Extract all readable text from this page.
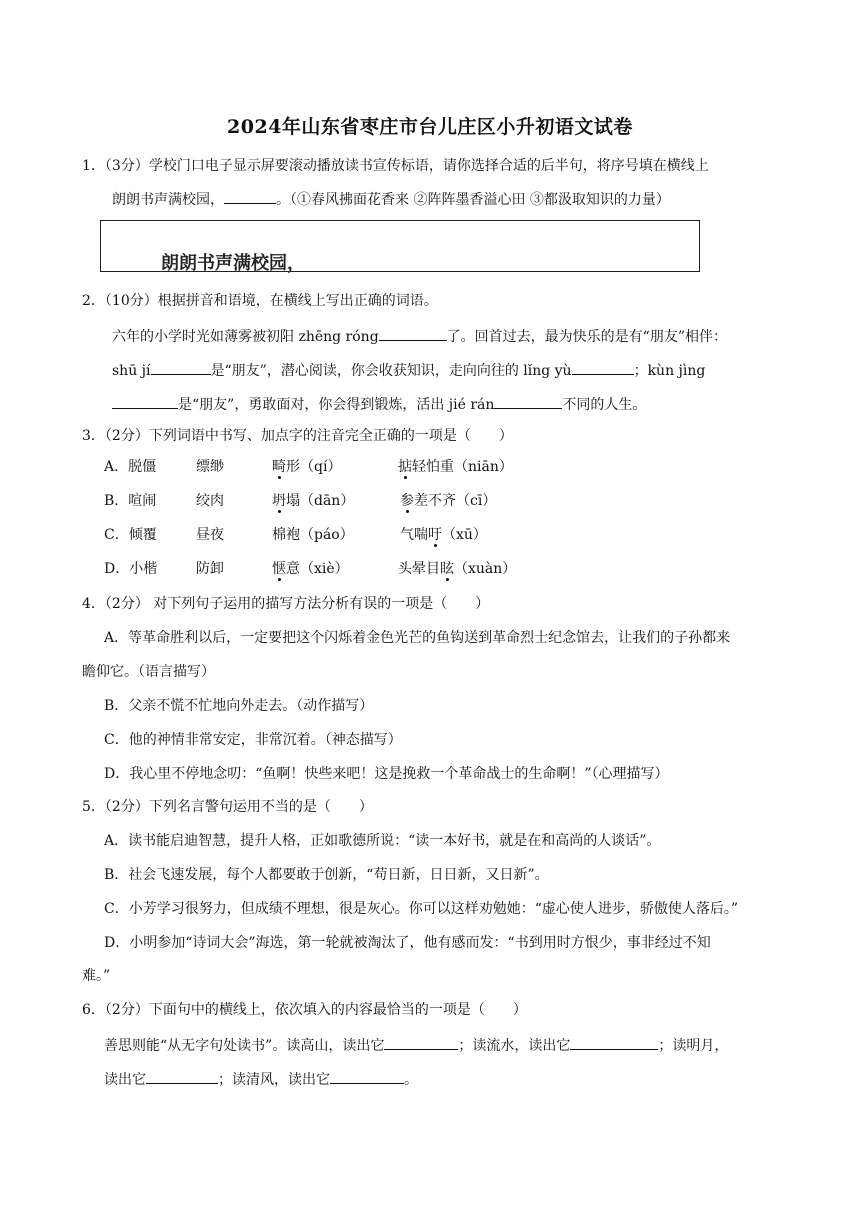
2024年山东省枣庄市台儿庄区小升初语文试卷
1．（3分）学校门口电子显示屏要滚动播放读书宣传标语，请你选择合适的后半句，将序号填在横线上
朗朗书声满校园，	。（①春风拂面花香来 ②阵阵墨香溢心田 ③都汲取知识的力量）
朗朗书声满校园，
2．（10分）根据拼音和语境，在横线上写出正确的词语。
六年的小学时光如薄雾被初阳 zhēng róng	了。回首过去，最为快乐的是有“朋友”相伴：
shū jí	是“朋友”，潜心阅读，你会收获知识，走向向往的 lǐng yù	；kùn jìng
是“朋友”，勇敢面对，你会得到锻炼，活出 jié rán	不同的人生。
3．（2分）下列词语中书写、加点字的注音完全正确的一项是（　　）
A．脱僵	缥缈	畸形（qí）	掂轻怕重（niān）
B．喧闹	绞肉	坍塌（dān）	参差不齐（cī）
C．倾覆	昼夜	棉袍（páo）	气喘吁（xū）
D．小楷	防卸	惬意（xiè）	头晕目眩（xuàn）
4．（2分） 对下列句子运用的描写方法分析有误的一项是（　　）
A．等革命胜利以后，一定要把这个闪烁着金色光芒的鱼钩送到革命烈士纪念馆去，让我们的子孙都来
瞻仰它。（语言描写）
B．父亲不慌不忙地向外走去。（动作描写）
C．他的神情非常安定，非常沉着。（神态描写）
D．我心里不停地念叨：“鱼啊！快些来吧！这是挽救一个革命战士的生命啊！”（心理描写）
5．（2分）下列名言警句运用不当的是（　　）
A．读书能启迪智慧，提升人格，正如歌德所说：“读一本好书，就是在和高尚的人谈话”。
B．社会飞速发展，每个人都要敢于创新，“苟日新，日日新，又日新”。
C．小芳学习很努力，但成绩不理想，很是灰心。你可以这样劝勉她：“虚心使人进步，骄傲使人落后。”
D．小明参加“诗词大会”海选，第一轮就被淘汰了，他有感而发：“书到用时方恨少，事非经过不知
难。”
6．（2分）下面句中的横线上，依次填入的内容最恰当的一项是（　　）
善思则能“从无字句处读书”。读高山，读出它	；读流水，读出它	；读明月，
读出它	；读清风，读出它	。
